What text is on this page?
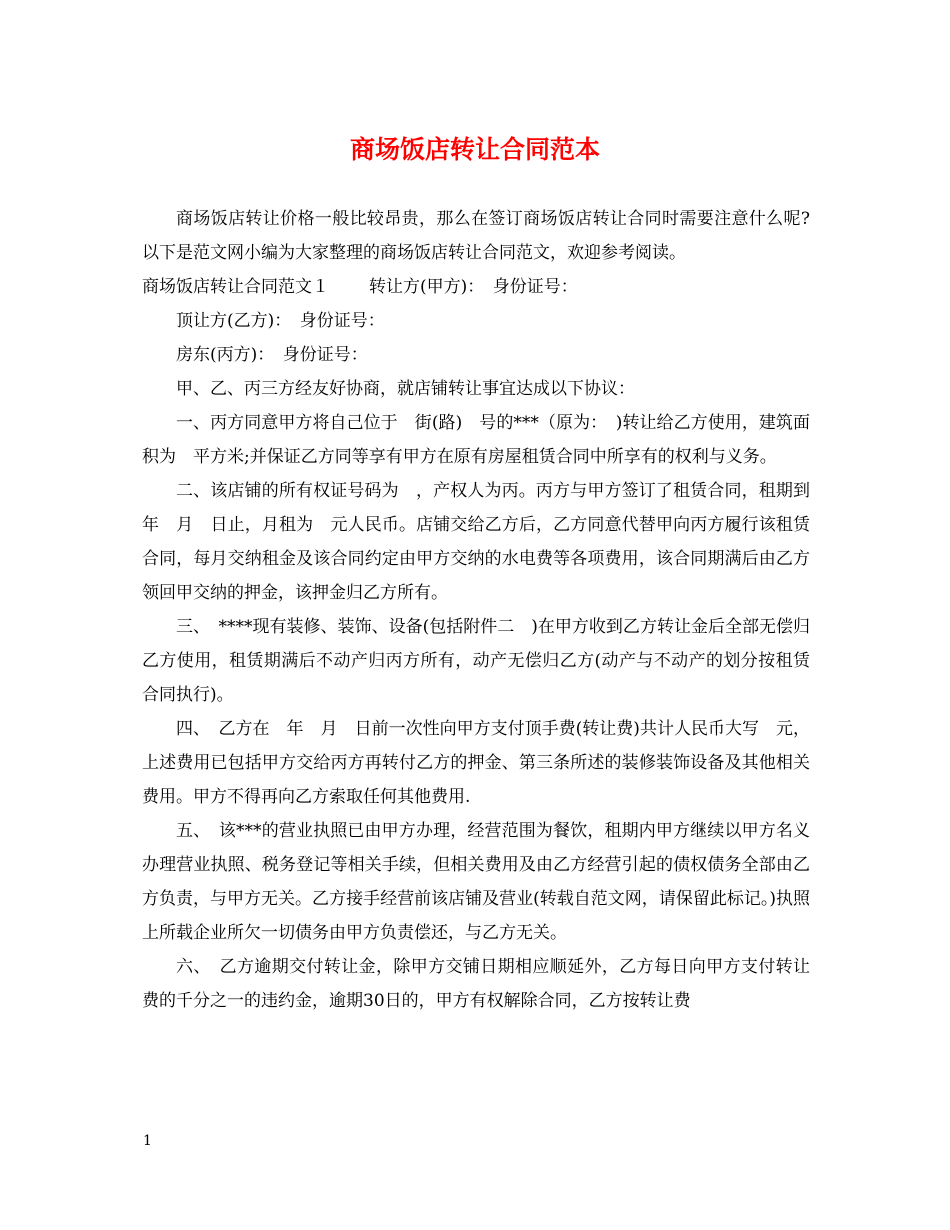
商场饭店转让合同范本

商场饭店转让价格一般比较昂贵，那么在签订商场饭店转让合同时需要注意什么呢?以下是范文网小编为大家整理的商场饭店转让合同范文，欢迎参考阅读。

商场饭店转让合同范文１ 转让方(甲方)：　身份证号：

顶让方(乙方)：　身份证号：

房东(丙方)：　身份证号：

甲、乙、丙三方经友好协商，就店铺转让事宜达成以下协议：

一、丙方同意甲方将自己位于　街(路)　号的***（原为：　)转让给乙方使用，建筑面积为　平方米;并保证乙方同等享有甲方在原有房屋租赁合同中所享有的权利与义务。

二、该店铺的所有权证号码为　，产权人为丙。丙方与甲方签订了租赁合同，租期到　年　月　日止，月租为　元人民币。店铺交给乙方后，乙方同意代替甲向丙方履行该租赁合同，每月交纳租金及该合同约定由甲方交纳的水电费等各项费用，该合同期满后由乙方领回甲交纳的押金，该押金归乙方所有。

三、　****现有装修、装饰、设备(包括附件二　)在甲方收到乙方转让金后全部无偿归乙方使用，租赁期满后不动产归丙方所有，动产无偿归乙方(动产与不动产的划分按租赁合同执行)。

四、　乙方在　年　月　日前一次性向甲方支付顶手费(转让费)共计人民币大写　元，上述费用已包括甲方交给丙方再转付乙方的押金、第三条所述的装修装饰设备及其他相关费用。甲方不得再向乙方索取任何其他费用.

五、　该***的营业执照已由甲方办理，经营范围为餐饮，租期内甲方继续以甲方名义办理营业执照、税务登记等相关手续，但相关费用及由乙方经营引起的债权债务全部由乙方负责，与甲方无关。乙方接手经营前该店铺及营业(转载自范文网，请保留此标记。)执照上所载企业所欠一切债务由甲方负责偿还，与乙方无关。

六、　乙方逾期交付转让金，除甲方交铺日期相应顺延外，乙方每日向甲方支付转让费的千分之一的违约金，逾期30日的，甲方有权解除合同，乙方按转让费

1
